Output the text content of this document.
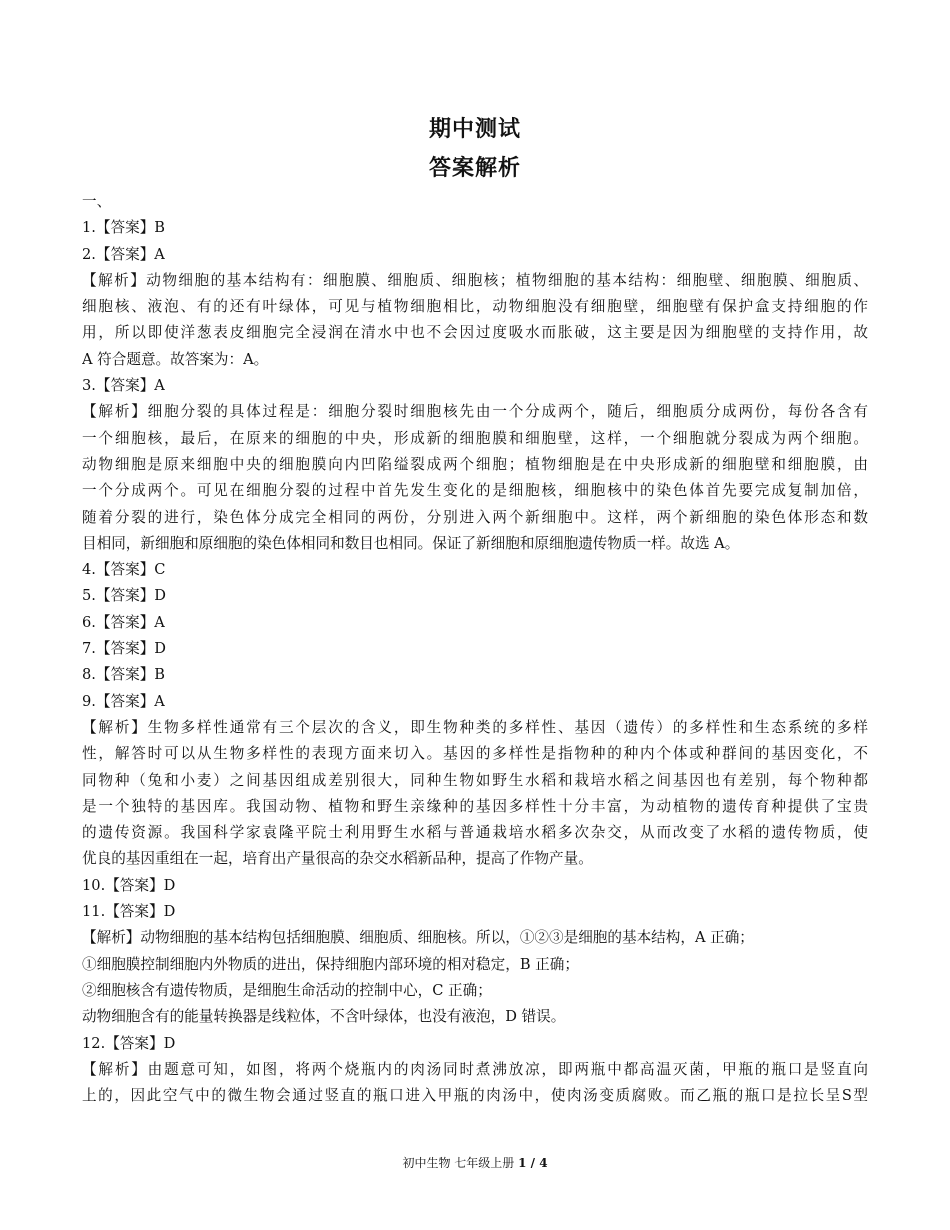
期中测试
答案解析
一、
1.【答案】B
2.【答案】A
【解析】动物细胞的基本结构有：细胞膜、细胞质、细胞核；植物细胞的基本结构：细胞壁、细胞膜、细胞质、
细胞核、液泡、有的还有叶绿体，可见与植物细胞相比，动物细胞没有细胞壁，细胞壁有保护盒支持细胞的作
用，所以即使洋葱表皮细胞完全浸润在清水中也不会因过度吸水而胀破，这主要是因为细胞壁的支持作用，故
A 符合题意。故答案为：A。
3.【答案】A
【解析】细胞分裂的具体过程是：细胞分裂时细胞核先由一个分成两个，随后，细胞质分成两份，每份各含有
一个细胞核，最后，在原来的细胞的中央，形成新的细胞膜和细胞壁，这样，一个细胞就分裂成为两个细胞。
动物细胞是原来细胞中央的细胞膜向内凹陷缢裂成两个细胞；植物细胞是在中央形成新的细胞壁和细胞膜，由
一个分成两个。可见在细胞分裂的过程中首先发生变化的是细胞核，细胞核中的染色体首先要完成复制加倍，
随着分裂的进行，染色体分成完全相同的两份，分别进入两个新细胞中。这样，两个新细胞的染色体形态和数
目相同，新细胞和原细胞的染色体相同和数目也相同。保证了新细胞和原细胞遗传物质一样。故选 A。
4.【答案】C
5.【答案】D
6.【答案】A
7.【答案】D
8.【答案】B
9.【答案】A
【解析】生物多样性通常有三个层次的含义，即生物种类的多样性、基因（遗传）的多样性和生态系统的多样
性，解答时可以从生物多样性的表现方面来切入。基因的多样性是指物种的种内个体或种群间的基因变化，不
同物种（兔和小麦）之间基因组成差别很大，同种生物如野生水稻和栽培水稻之间基因也有差别，每个物种都
是一个独特的基因库。我国动物、植物和野生亲缘种的基因多样性十分丰富，为动植物的遗传育种提供了宝贵
的遗传资源。我国科学家袁隆平院士利用野生水稻与普通栽培水稻多次杂交，从而改变了水稻的遗传物质，使
优良的基因重组在一起，培育出产量很高的杂交水稻新品种，提高了作物产量。
10.【答案】D
11.【答案】D
【解析】动物细胞的基本结构包括细胞膜、细胞质、细胞核。所以，①②③是细胞的基本结构，A 正确；
①细胞膜控制细胞内外物质的进出，保持细胞内部环境的相对稳定，B 正确；
②细胞核含有遗传物质，是细胞生命活动的控制中心，C 正确；
动物细胞含有的能量转换器是线粒体，不含叶绿体，也没有液泡，D 错误。
12.【答案】D
【解析】由题意可知，如图，将两个烧瓶内的肉汤同时煮沸放凉，即两瓶中都高温灭菌，甲瓶的瓶口是竖直向
上的，因此空气中的微生物会通过竖直的瓶口进入甲瓶的肉汤中，使肉汤变质腐败。而乙瓶的瓶口是拉长呈S型
初中生物 七年级上册 1 / 4
